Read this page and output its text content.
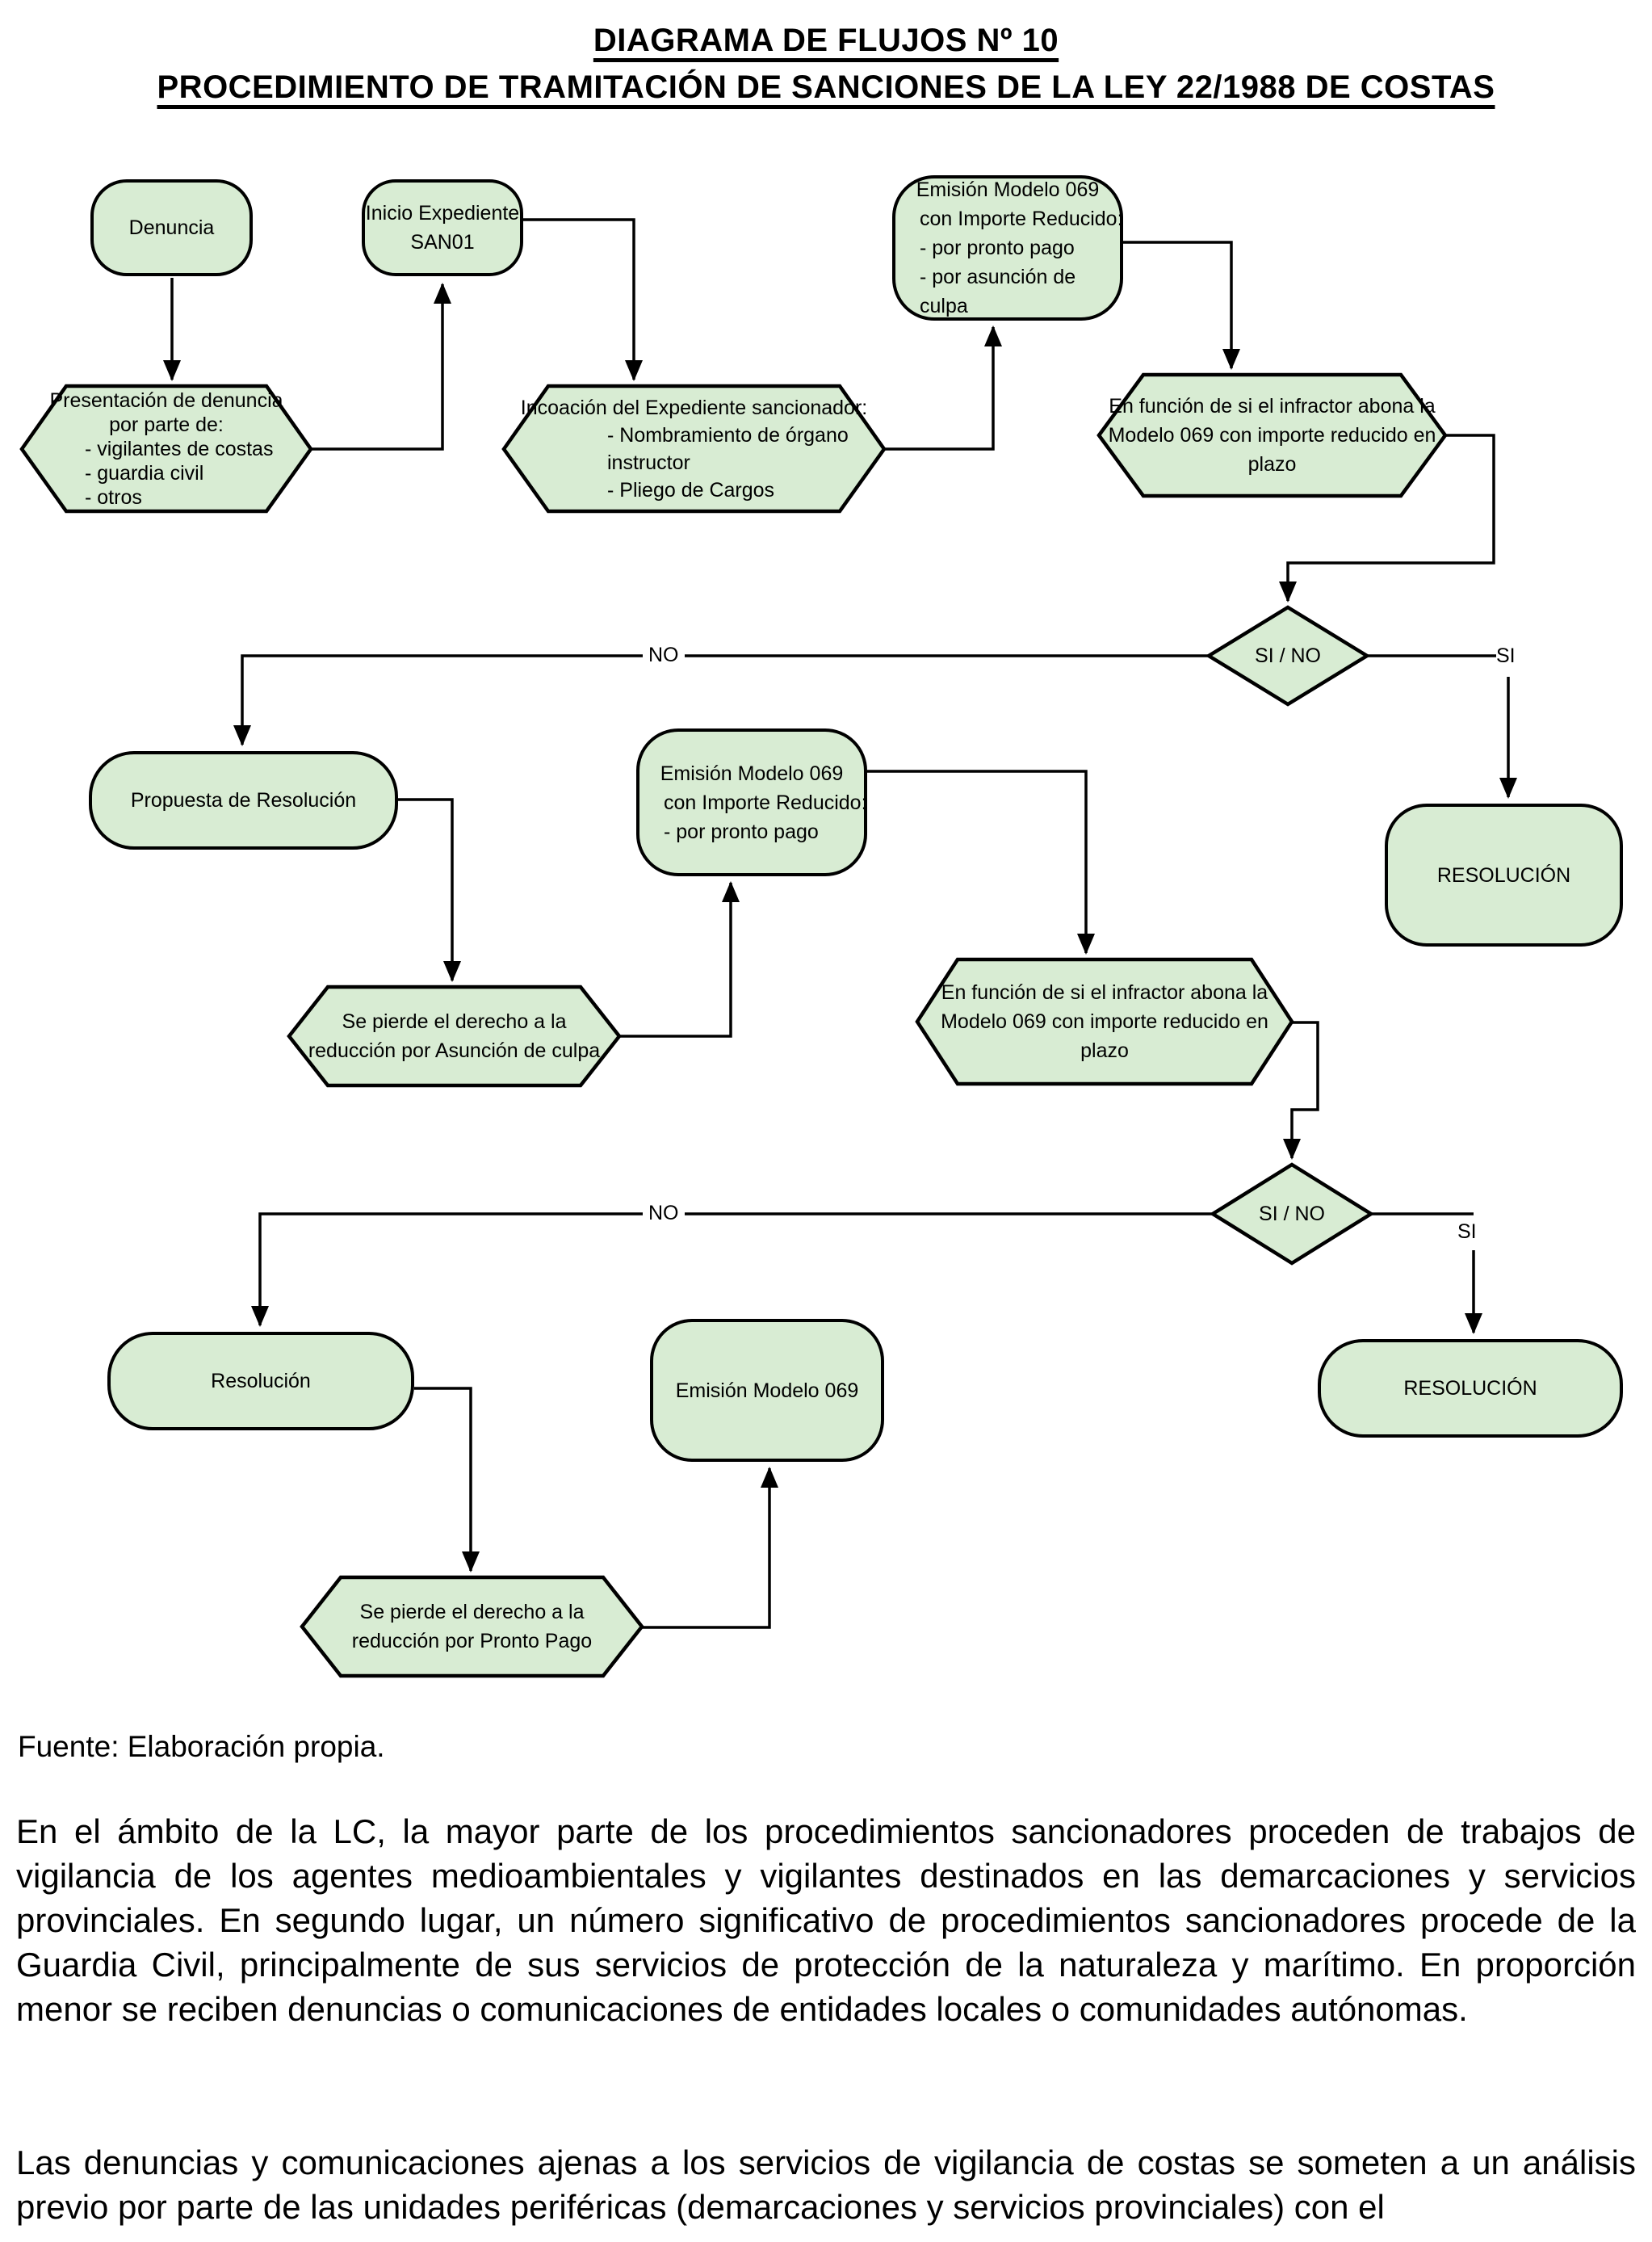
DIAGRAMA DE FLUJOS Nº 10
PROCEDIMIENTO DE TRAMITACIÓN DE SANCIONES DE LA LEY 22/1988 DE COSTAS
Denuncia
Inicio Expediente
SAN01
Emisión Modelo 069
con Importe Reducido:
- por pronto pago
- por asunción de culpa
Presentación de denuncia
por parte de:
- vigilantes de costas
- guardia civil
- otros
Incoación del Expediente sancionador:
- Nombramiento de órgano
instructor
- Pliego de Cargos
En función de si el infractor abona la
Modelo 069 con importe reducido en
plazo
SI / NO
RESOLUCIÓN
Propuesta de Resolución
Emisión Modelo 069
con Importe Reducido:
- por pronto pago
Se pierde el derecho a la
reducción por Asunción de culpa
En función de si el infractor abona la
Modelo 069 con importe reducido en
plazo
SI / NO
RESOLUCIÓN
Resolución	Emisión Modelo 069
Se pierde el derecho a la
reducción por Pronto Pago
NO	SI
NO
SI
Fuente: Elaboración propia.
En el ámbito de la LC, la mayor parte de los procedimientos sancionadores proceden de trabajos de vigilancia de los agentes medioambientales y vigilantes destinados en las demarcaciones y servicios provinciales. En segundo lugar, un número significativo de procedimientos sancionadores procede de la Guardia Civil, principalmente de sus servicios de protección de la naturaleza y marítimo. En proporción menor se reciben denuncias o comunicaciones de entidades locales o comunidades autónomas.
Las denuncias y comunicaciones ajenas a los servicios de vigilancia de costas se someten a un análisis previo por parte de las unidades periféricas (demarcaciones y servicios provinciales) con el
